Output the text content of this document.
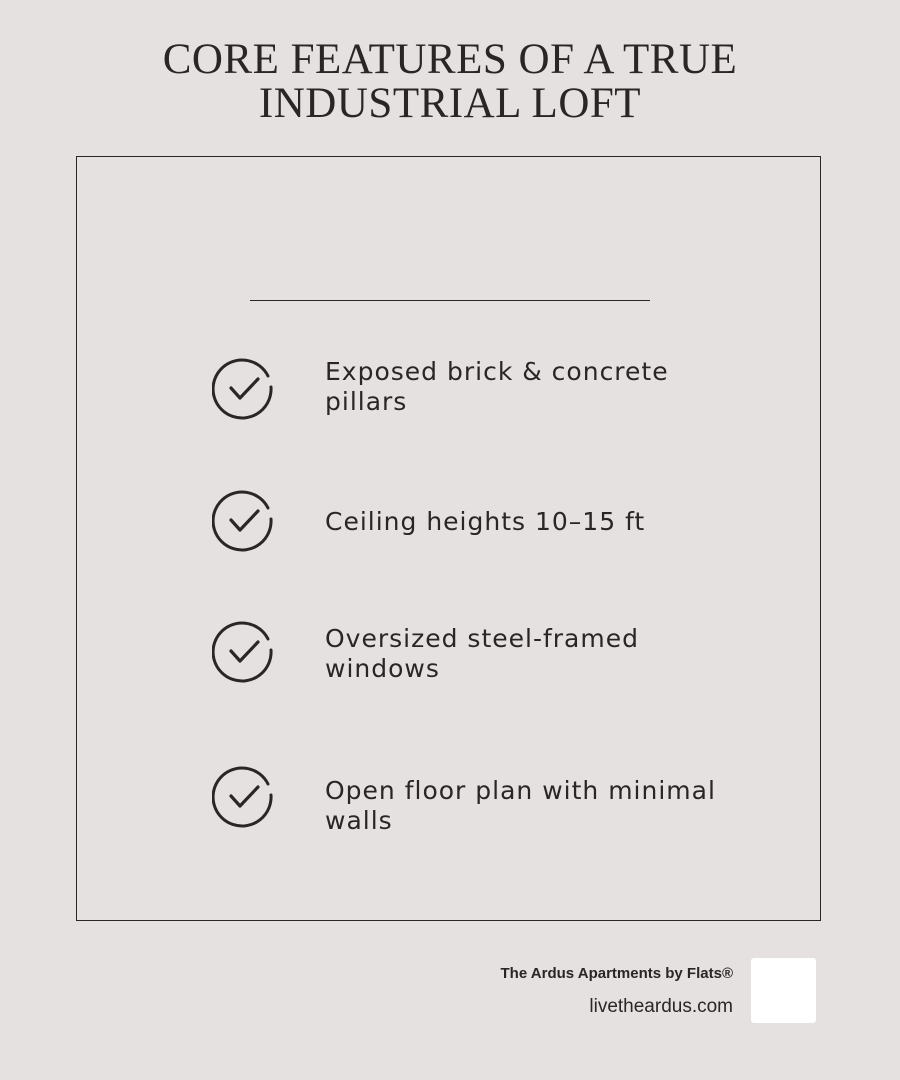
CORE FEATURES OF A TRUE
INDUSTRIAL LOFT
Exposed brick & concrete
pillars
Ceiling heights 10–15 ft
Oversized steel-framed
windows
Open floor plan with minimal
walls
The Ardus Apartments by Flats®
livetheardus.com
